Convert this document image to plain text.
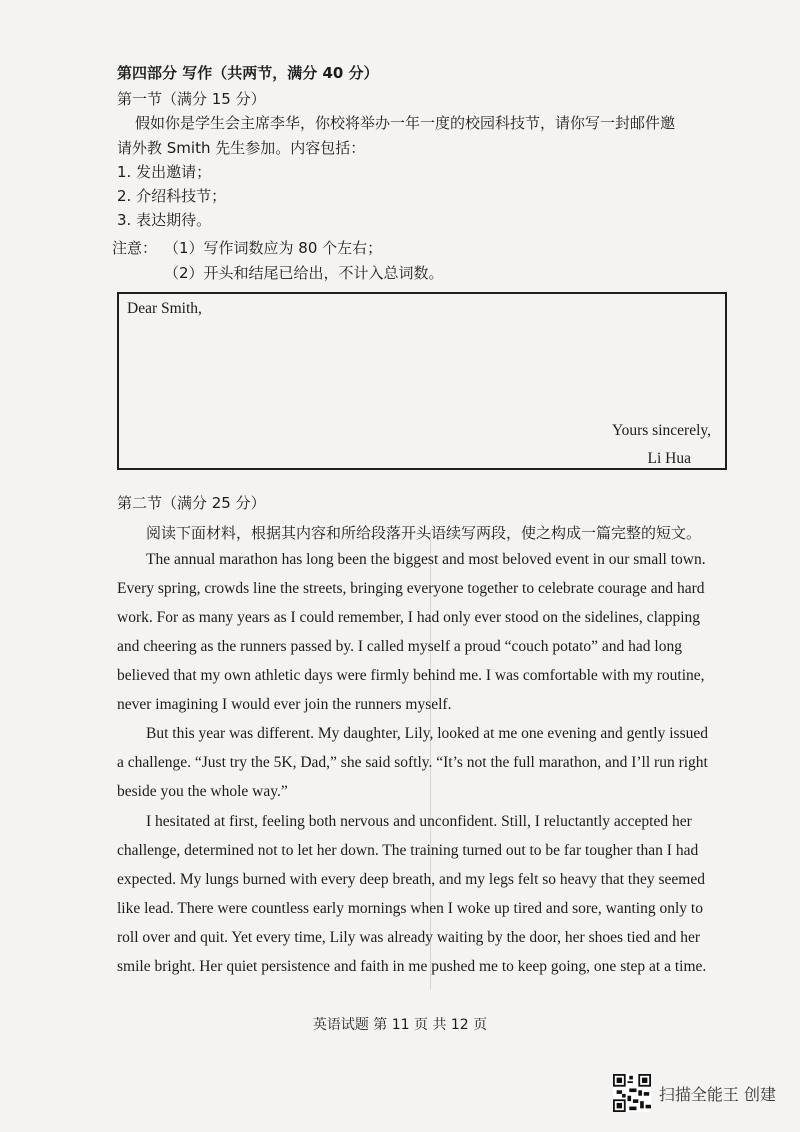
第四部分 写作（共两节，满分 40 分）
第一节（满分 15 分）
假如你是学生会主席李华，你校将举办一年一度的校园科技节，请你写一封邮件邀
请外教 Smith 先生参加。内容包括：
1. 发出邀请；
2. 介绍科技节；
3. 表达期待。
注意： （1）写作词数应为 80 个左右；
（2）开头和结尾已给出，不计入总词数。
Dear Smith,
Yours sincerely,
Li Hua
第二节（满分 25 分）
阅读下面材料，根据其内容和所给段落开头语续写两段，使之构成一篇完整的短文。
The annual marathon has long been the biggest and most beloved event in our small town.
Every spring, crowds line the streets, bringing everyone together to celebrate courage and hard
work. For as many years as I could remember, I had only ever stood on the sidelines, clapping
and cheering as the runners passed by. I called myself a proud “couch potato” and had long
believed that my own athletic days were firmly behind me. I was comfortable with my routine,
never imagining I would ever join the runners myself.
But this year was different. My daughter, Lily, looked at me one evening and gently issued
a challenge. “Just try the 5K, Dad,” she said softly. “It’s not the full marathon, and I’ll run right
beside you the whole way.”
I hesitated at first, feeling both nervous and unconfident. Still, I reluctantly accepted her
challenge, determined not to let her down. The training turned out to be far tougher than I had
expected. My lungs burned with every deep breath, and my legs felt so heavy that they seemed
like lead. There were countless early mornings when I woke up tired and sore, wanting only to
roll over and quit. Yet every time, Lily was already waiting by the door, her shoes tied and her
smile bright. Her quiet persistence and faith in me pushed me to keep going, one step at a time.
英语试题 第 11 页 共 12 页
扫描全能王 创建
